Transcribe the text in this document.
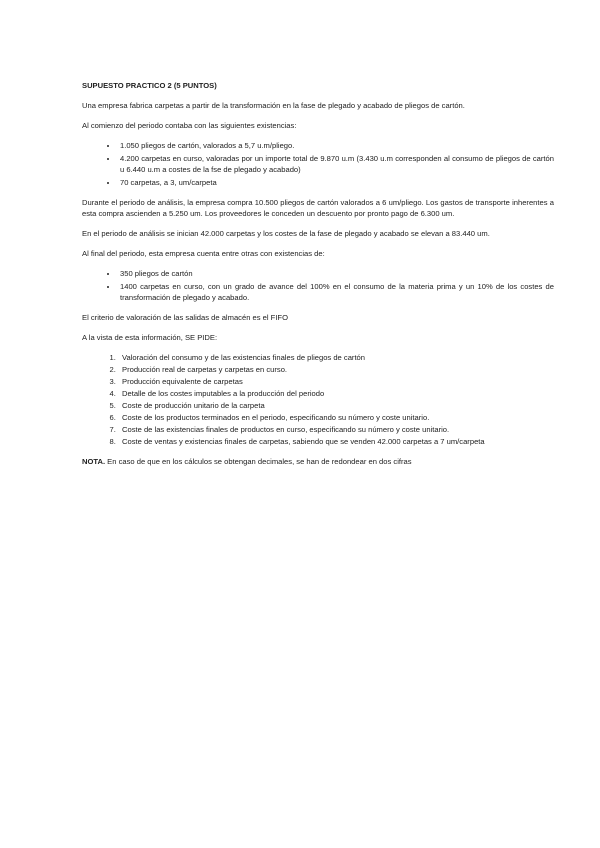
SUPUESTO PRACTICO 2 (5 PUNTOS)

Una empresa fabrica carpetas a partir de la transformación en la fase de plegado y acabado de pliegos de cartón.

Al comienzo del periodo contaba con las siguientes existencias:

• 1.050 pliegos de cartón, valorados a 5,7 u.m/pliego.
• 4.200 carpetas en curso, valoradas por un importe total de 9.870 u.m (3.430 u.m corresponden al consumo de pliegos de cartón u 6.440 u.m a costes de la fse de plegado y acabado)
• 70 carpetas, a 3, um/carpeta

Durante el periodo de análisis, la empresa compra 10.500 pliegos de cartón valorados a 6 um/pliego. Los gastos de transporte inherentes a esta compra ascienden a 5.250 um. Los proveedores le conceden un descuento por pronto pago de 6.300 um.

En el periodo de análisis se inician 42.000 carpetas y los costes de la fase de plegado y acabado se elevan a 83.440 um.

Al final del periodo, esta empresa cuenta entre otras con existencias de:

• 350 pliegos de cartón
• 1400 carpetas en curso, con un grado de avance del 100% en el consumo de la materia prima y un 10% de los costes de transformación de plegado y acabado.

El criterio de valoración de las salidas de almacén es el FIFO

A la vista de esta información, SE PIDE:

1. Valoración del consumo y de las existencias finales de pliegos de cartón
2. Producción real de carpetas y carpetas en curso.
3. Producción equivalente de carpetas
4. Detalle de los costes imputables a la producción del periodo
5. Coste de producción unitario de la carpeta
6. Coste de los productos terminados en el periodo, especificando su número y coste unitario.
7. Coste de las existencias finales de productos en curso, especificando su número y coste unitario.
8. Coste de ventas y existencias finales de carpetas, sabiendo que se venden 42.000 carpetas a 7 um/carpeta

NOTA. En caso de que en los cálculos se obtengan decimales, se han de redondear en dos cifras
